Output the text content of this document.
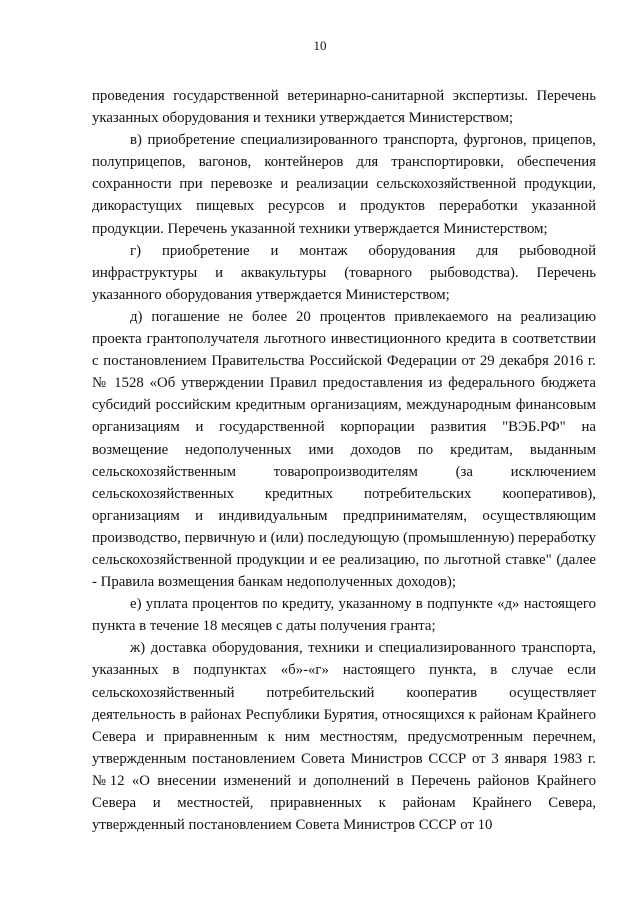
10

проведения государственной ветеринарно-санитарной экспертизы. Перечень указанных оборудования и техники утверждается Министерством;

в) приобретение специализированного транспорта, фургонов, прицепов, полуприцепов, вагонов, контейнеров для транспортировки, обеспечения сохранности при перевозке и реализации сельскохозяйственной продукции, дикорастущих пищевых ресурсов и продуктов переработки указанной продукции. Перечень указанной техники утверждается Министерством;

г) приобретение и монтаж оборудования для рыбоводной инфраструктуры и аквакультуры (товарного рыбоводства). Перечень указанного оборудования утверждается Министерством;

д) погашение не более 20 процентов привлекаемого на реализацию проекта грантополучателя льготного инвестиционного кредита в соответствии с постановлением Правительства Российской Федерации от 29 декабря 2016 г. № 1528 «Об утверждении Правил предоставления из федерального бюджета субсидий российским кредитным организациям, международным финансовым организациям и государственной корпорации развития "ВЭБ.РФ" на возмещение недополученных ими доходов по кредитам, выданным сельскохозяйственным товаропроизводителям (за исключением сельскохозяйственных кредитных потребительских кооперативов), организациям и индивидуальным предпринимателям, осуществляющим производство, первичную и (или) последующую (промышленную) переработку сельскохозяйственной продукции и ее реализацию, по льготной ставке" (далее - Правила возмещения банкам недополученных доходов);

е) уплата процентов по кредиту, указанному в подпункте «д» настоящего пункта в течение 18 месяцев с даты получения гранта;

ж) доставка оборудования, техники и специализированного транспорта, указанных в подпунктах «б»-«г» настоящего пункта, в случае если сельскохозяйственный потребительский кооператив осуществляет деятельность в районах Республики Бурятия, относящихся к районам Крайнего Севера и приравненным к ним местностям, предусмотренным перечнем, утвержденным постановлением Совета Министров СССР от 3 января 1983 г. №12 «О внесении изменений и дополнений в Перечень районов Крайнего Севера и местностей, приравненных к районам Крайнего Севера, утвержденный постановлением Совета Министров СССР от 10
